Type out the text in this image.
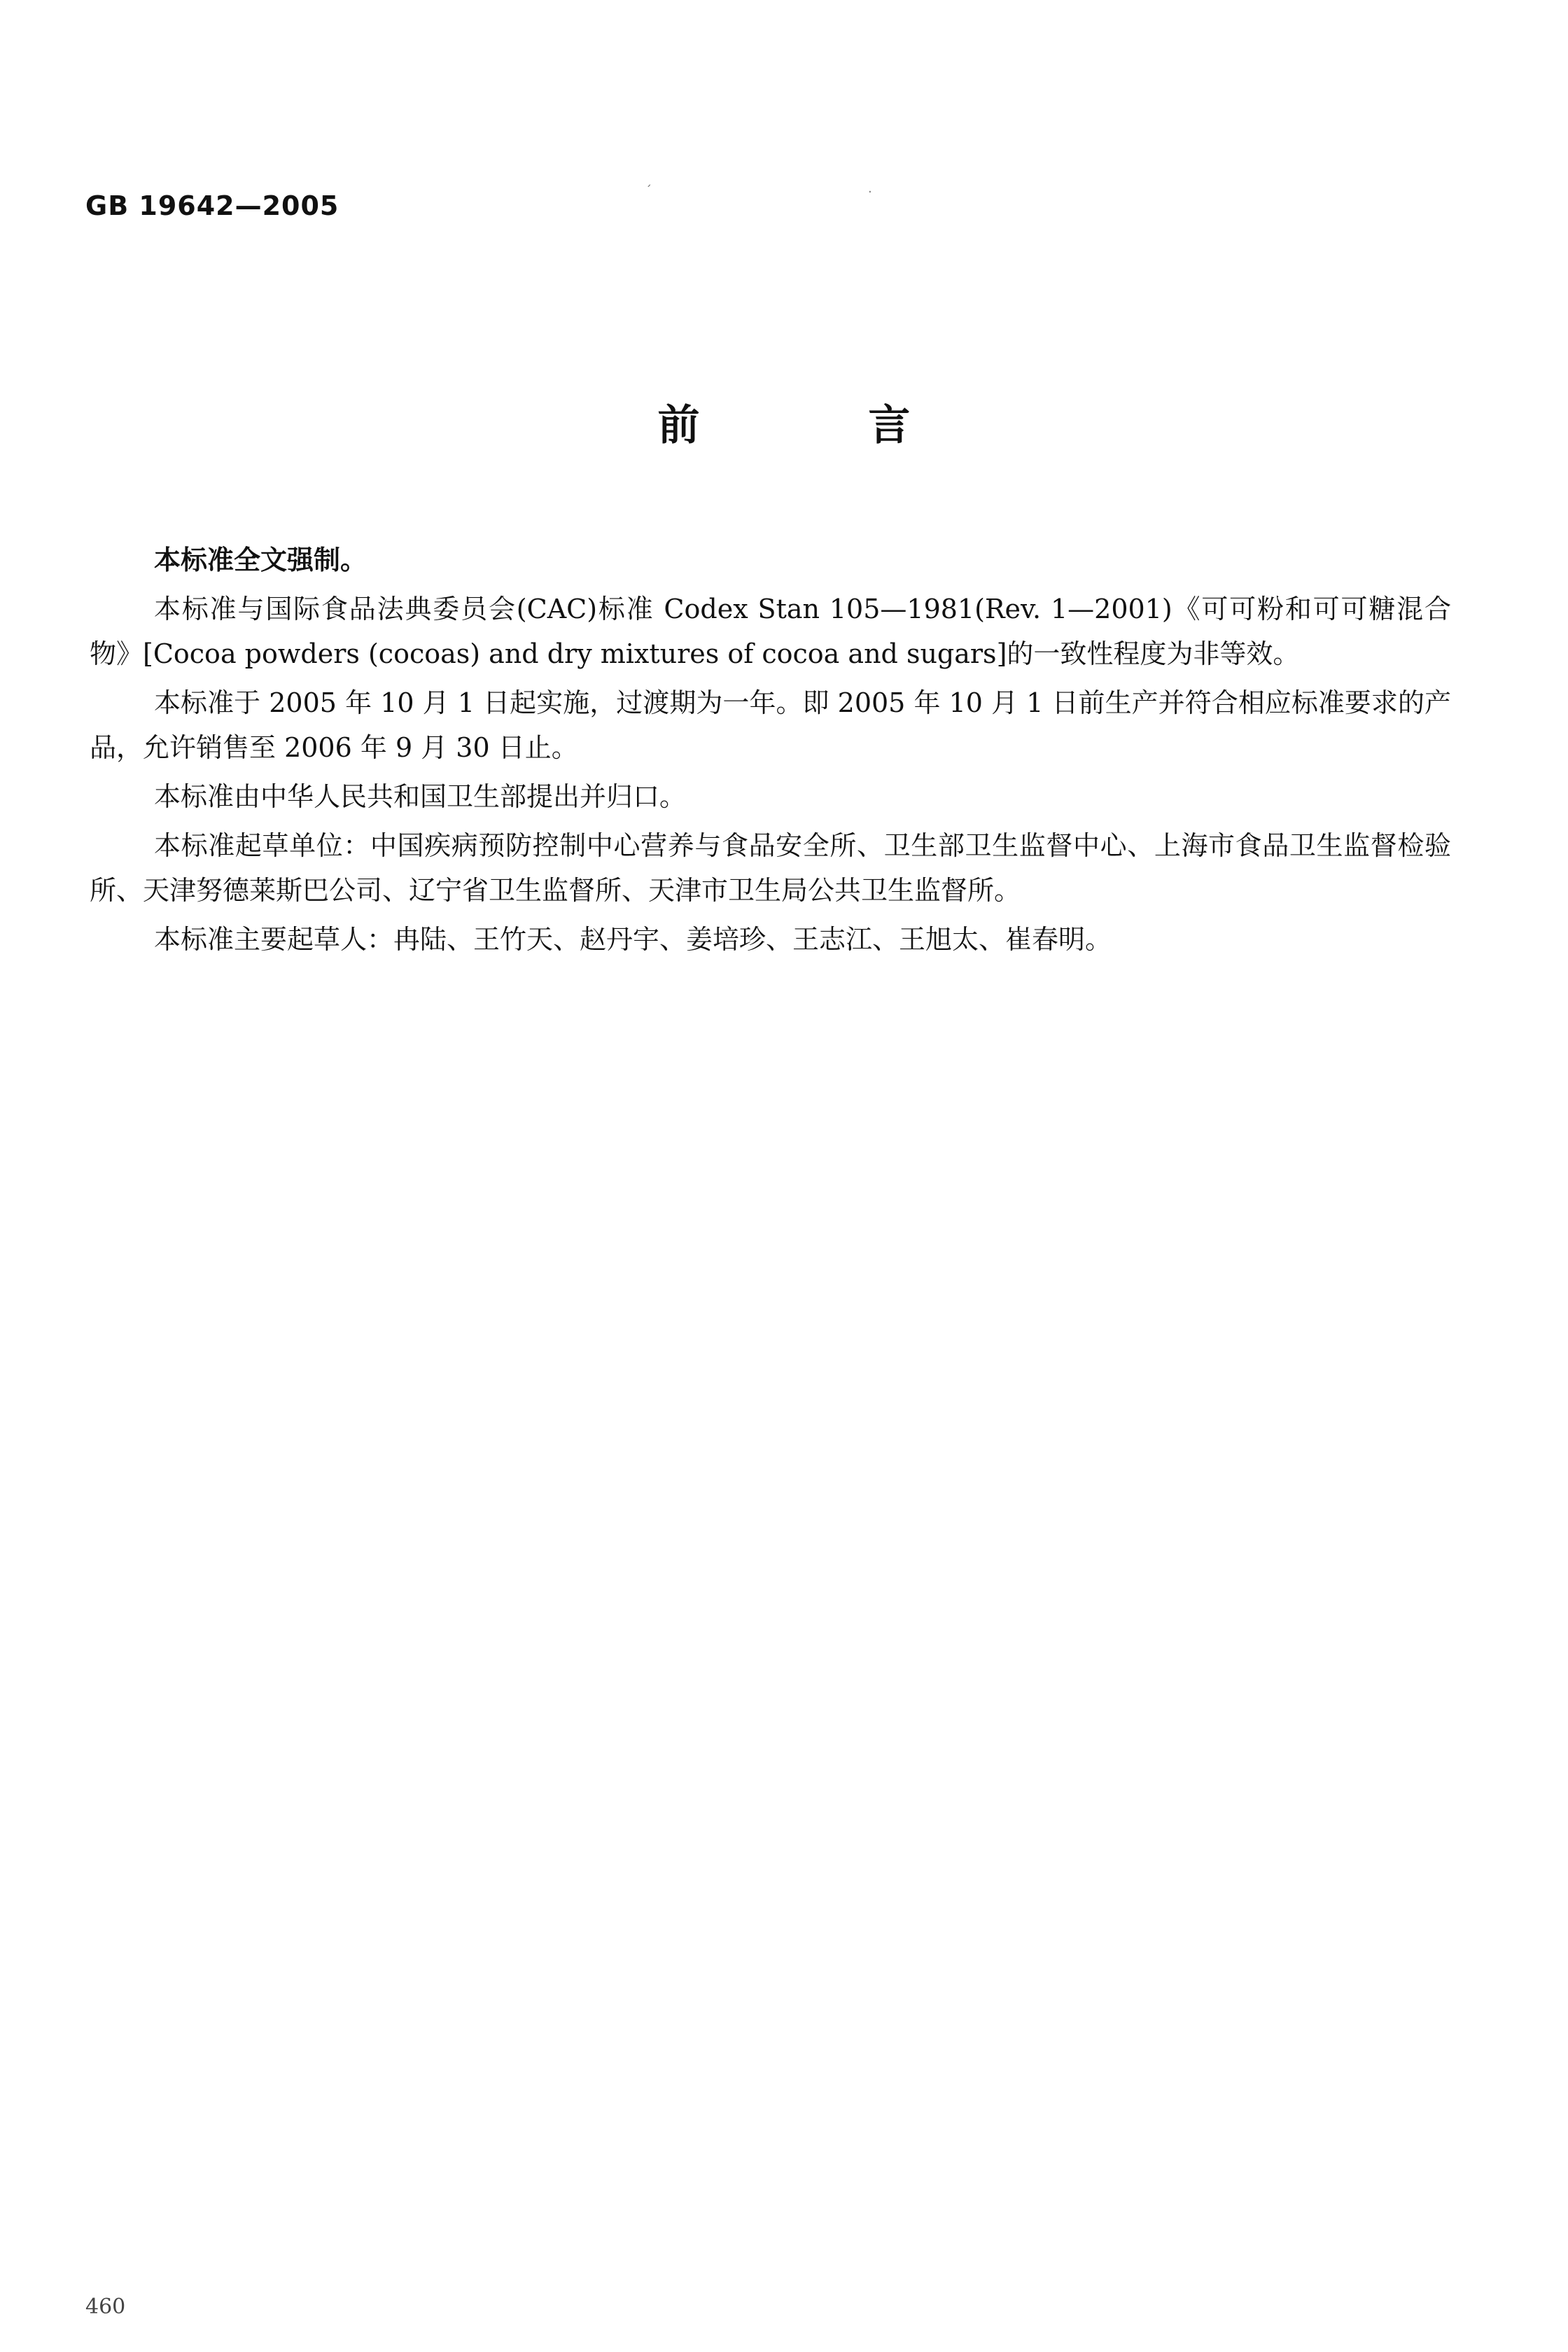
GB 19642—2005	ˊ	·
前 言

本标准全文强制。

本标准与国际食品法典委员会(CAC)标准 Codex Stan 105—1981(Rev. 1—2001)《可可粉和可可糖混合物》[Cocoa powders (cocoas) and dry mixtures of cocoa and sugars]的一致性程度为非等效。

本标准于 2005 年 10 月 1 日起实施，过渡期为一年。即 2005 年 10 月 1 日前生产并符合相应标准要求的产品，允许销售至 2006 年 9 月 30 日止。

本标准由中华人民共和国卫生部提出并归口。

本标准起草单位：中国疾病预防控制中心营养与食品安全所、卫生部卫生监督中心、上海市食品卫生监督检验所、天津努德莱斯巴公司、辽宁省卫生监督所、天津市卫生局公共卫生监督所。

本标准主要起草人：冉陆、王竹天、赵丹宇、姜培珍、王志江、王旭太、崔春明。

460
